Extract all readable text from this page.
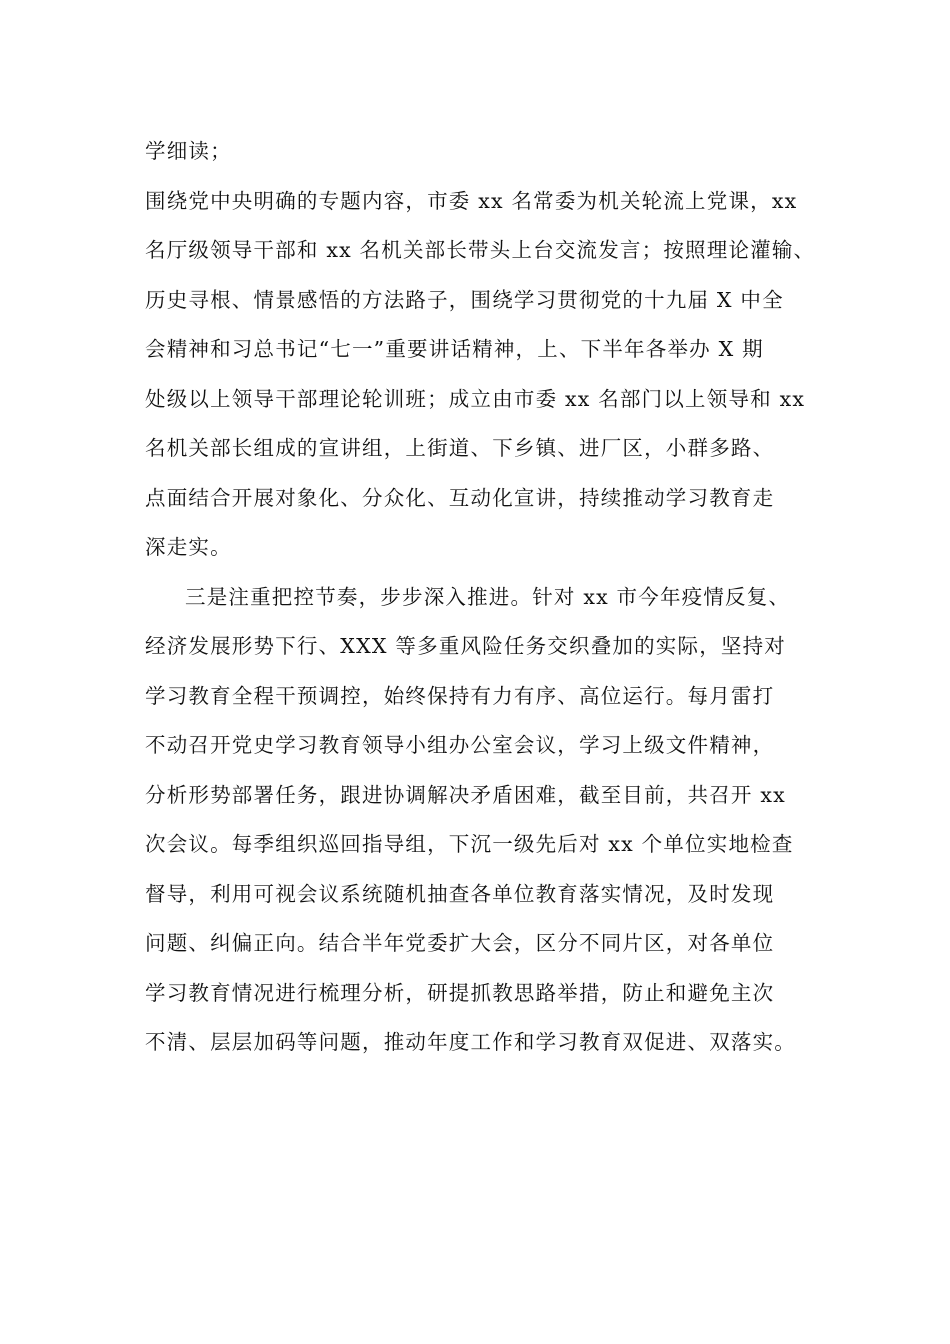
学细读；
围绕党中央明确的专题内容，市委 xx 名常委为机关轮流上党课，xx
名厅级领导干部和 xx 名机关部长带头上台交流发言；按照理论灌输、
历史寻根、情景感悟的方法路子，围绕学习贯彻党的十九届 X 中全
会精神和习总书记“七一”重要讲话精神，上、下半年各举办 X 期
处级以上领导干部理论轮训班；成立由市委 xx 名部门以上领导和 xx
名机关部长组成的宣讲组，上街道、下乡镇、进厂区，小群多路、
点面结合开展对象化、分众化、互动化宣讲，持续推动学习教育走
深走实。
三是注重把控节奏，步步深入推进。针对 xx 市今年疫情反复、
经济发展形势下行、XXX 等多重风险任务交织叠加的实际，坚持对
学习教育全程干预调控，始终保持有力有序、高位运行。每月雷打
不动召开党史学习教育领导小组办公室会议，学习上级文件精神，
分析形势部署任务，跟进协调解决矛盾困难，截至目前，共召开 xx
次会议。每季组织巡回指导组，下沉一级先后对 xx 个单位实地检查
督导，利用可视会议系统随机抽查各单位教育落实情况，及时发现
问题、纠偏正向。结合半年党委扩大会，区分不同片区，对各单位
学习教育情况进行梳理分析，研提抓教思路举措，防止和避免主次
不清、层层加码等问题，推动年度工作和学习教育双促进、双落实。
